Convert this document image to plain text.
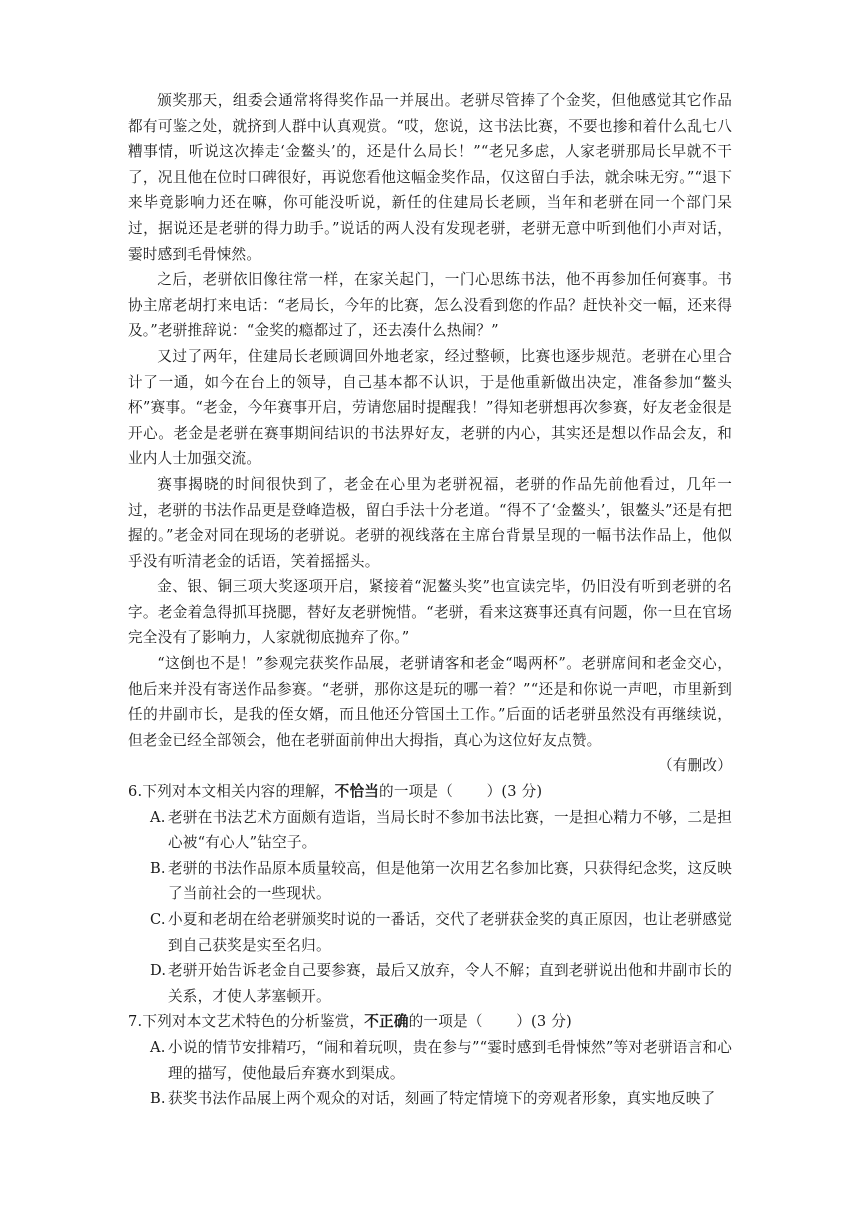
颁奖那天，组委会通常将得奖作品一并展出。老骈尽管捧了个金奖，但他感觉其它作品都有可鉴之处，就挤到人群中认真观赏。“哎，您说，这书法比赛，不要也掺和着什么乱七八糟事情，听说这次捧走‘金鳌头’的，还是什么局长！”“老兄多虑，人家老骈那局长早就不干了，况且他在位时口碑很好，再说您看他这幅金奖作品，仅这留白手法，就余味无穷。”“退下来毕竟影响力还在嘛，你可能没听说，新任的住建局长老顾，当年和老骈在同一个部门呆过，据说还是老骈的得力助手。”说话的两人没有发现老骈，老骈无意中听到他们小声对话，霎时感到毛骨悚然。

之后，老骈依旧像往常一样，在家关起门，一门心思练书法，他不再参加任何赛事。书协主席老胡打来电话：“老局长，今年的比赛，怎么没看到您的作品？赶快补交一幅，还来得及。”老骈推辞说：“金奖的瘾都过了，还去凑什么热闹？”

又过了两年，住建局长老顾调回外地老家，经过整顿，比赛也逐步规范。老骈在心里合计了一通，如今在台上的领导，自己基本都不认识，于是他重新做出决定，准备参加“鳌头杯”赛事。“老金，今年赛事开启，劳请您届时提醒我！”得知老骈想再次参赛，好友老金很是开心。老金是老骈在赛事期间结识的书法界好友，老骈的内心，其实还是想以作品会友，和业内人士加强交流。

赛事揭晓的时间很快到了，老金在心里为老骈祝福，老骈的作品先前他看过，几年一过，老骈的书法作品更是登峰造极，留白手法十分老道。“得不了‘金鳌头’，银鳌头”还是有把握的。”老金对同在现场的老骈说。老骈的视线落在主席台背景呈现的一幅书法作品上，他似乎没有听清老金的话语，笑着摇摇头。

金、银、铜三项大奖逐项开启，紧接着“泥鳌头奖”也宣读完毕，仍旧没有听到老骈的名字。老金着急得抓耳挠腮，替好友老骈惋惜。“老骈，看来这赛事还真有问题，你一旦在官场完全没有了影响力，人家就彻底抛弃了你。”

“这倒也不是！”参观完获奖作品展，老骈请客和老金“喝两杯”。老骈席间和老金交心，他后来并没有寄送作品参赛。“老骈，那你这是玩的哪一着？”“还是和你说一声吧，市里新到任的井副市长，是我的侄女婿，而且他还分管国土工作。”后面的话老骈虽然没有再继续说，但老金已经全部领会，他在老骈面前伸出大拇指，真心为这位好友点赞。

（有删改）
6.下列对本文相关内容的理解，不恰当的一项是（ ）(3 分)
A. 老骈在书法艺术方面颇有造诣，当局长时不参加书法比赛，一是担心精力不够，二是担心被“有心人”钻空子。
B. 老骈的书法作品原本质量较高，但是他第一次用艺名参加比赛，只获得纪念奖，这反映了当前社会的一些现状。
C. 小夏和老胡在给老骈颁奖时说的一番话，交代了老骈获金奖的真正原因，也让老骈感觉到自己获奖是实至名归。
D. 老骈开始告诉老金自己要参赛，最后又放弃，令人不解；直到老骈说出他和井副市长的关系，才使人茅塞顿开。
7.下列对本文艺术特色的分析鉴赏，不正确的一项是（ ）(3 分)
A. 小说的情节安排精巧，“闹和着玩呗，贵在参与”“霎时感到毛骨悚然”等对老骈语言和心理的描写，使他最后弃赛水到渠成。
B. 获奖书法作品展上两个观众的对话，刻画了特定情境下的旁观者形象，真实地反映了
